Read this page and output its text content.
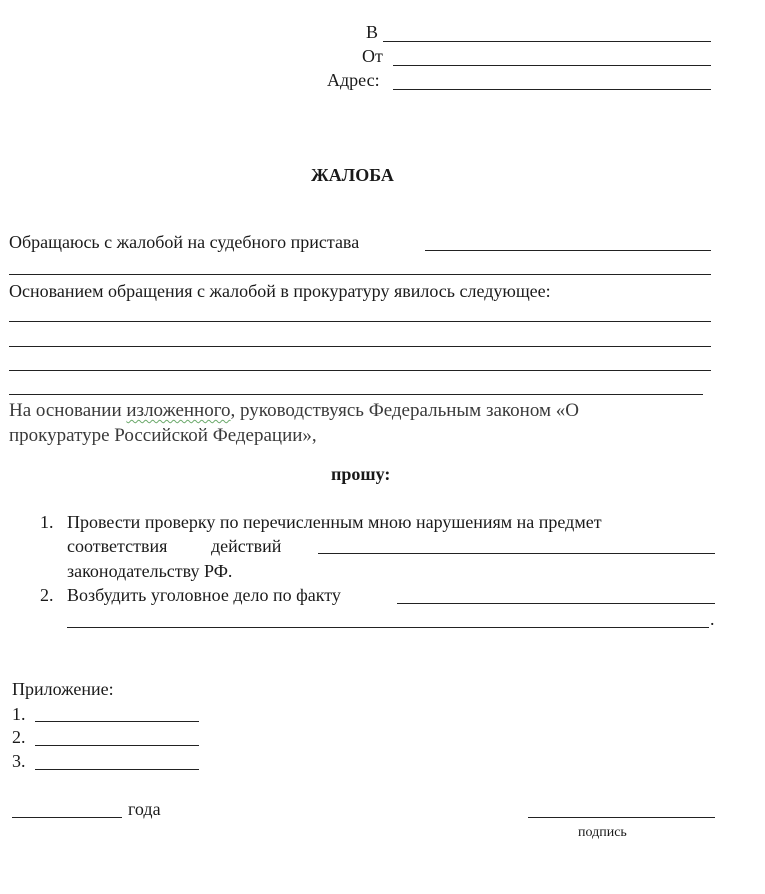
В
От
Адрес:
ЖАЛОБА
Обращаюсь с жалобой на судебного пристава
Основанием обращения с жалобой в прокуратуру явилось следующее:
На основании изложенного, руководствуясь Федеральным законом «О
прокуратуре Российской Федерации»,
прошу:
1. Провести проверку по перечисленным мною нарушениям на предмет
соответствия действий
законодательству РФ.
2. Возбудить уголовное дело по факту
.
Приложение:
1.
2.
3.
года
подпись
